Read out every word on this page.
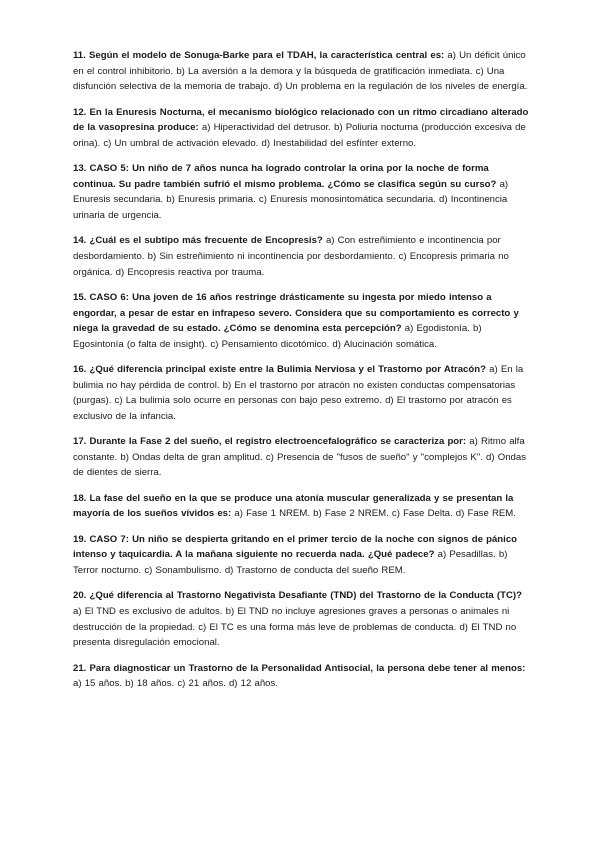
11. Según el modelo de Sonuga-Barke para el TDAH, la característica central es: a) Un déficit único en el control inhibitorio. b) La aversión a la demora y la búsqueda de gratificación inmediata. c) Una disfunción selectiva de la memoria de trabajo. d) Un problema en la regulación de los niveles de energía.

12. En la Enuresis Nocturna, el mecanismo biológico relacionado con un ritmo circadiano alterado de la vasopresina produce: a) Hiperactividad del detrusor. b) Poliuria nocturna (producción excesiva de orina). c) Un umbral de activación elevado. d) Inestabilidad del esfínter externo.

13. CASO 5: Un niño de 7 años nunca ha logrado controlar la orina por la noche de forma continua. Su padre también sufrió el mismo problema. ¿Cómo se clasifica según su curso? a) Enuresis secundaria. b) Enuresis primaria. c) Enuresis monosintomática secundaria. d) Incontinencia urinaria de urgencia.

14. ¿Cuál es el subtipo más frecuente de Encopresis? a) Con estreñimiento e incontinencia por desbordamiento. b) Sin estreñimiento ni incontinencia por desbordamiento. c) Encopresis primaria no orgánica. d) Encopresis reactiva por trauma.

15. CASO 6: Una joven de 16 años restringe drásticamente su ingesta por miedo intenso a engordar, a pesar de estar en infrapeso severo. Considera que su comportamiento es correcto y niega la gravedad de su estado. ¿Cómo se denomina esta percepción? a) Egodistonía. b) Egosintonía (o falta de insight). c) Pensamiento dicotómico. d) Alucinación somática.

16. ¿Qué diferencia principal existe entre la Bulimia Nerviosa y el Trastorno por Atracón? a) En la bulimia no hay pérdida de control. b) En el trastorno por atracón no existen conductas compensatorias (purgas). c) La bulimia solo ocurre en personas con bajo peso extremo. d) El trastorno por atracón es exclusivo de la infancia.

17. Durante la Fase 2 del sueño, el registro electroencefalográfico se caracteriza por: a) Ritmo alfa constante. b) Ondas delta de gran amplitud. c) Presencia de "fusos de sueño" y "complejos K". d) Ondas de dientes de sierra.

18. La fase del sueño en la que se produce una atonía muscular generalizada y se presentan la mayoría de los sueños vívidos es: a) Fase 1 NREM. b) Fase 2 NREM. c) Fase Delta. d) Fase REM.

19. CASO 7: Un niño se despierta gritando en el primer tercio de la noche con signos de pánico intenso y taquicardia. A la mañana siguiente no recuerda nada. ¿Qué padece? a) Pesadillas. b) Terror nocturno. c) Sonambulismo. d) Trastorno de conducta del sueño REM.

20. ¿Qué diferencia al Trastorno Negativista Desafiante (TND) del Trastorno de la Conducta (TC)? a) El TND es exclusivo de adultos. b) El TND no incluye agresiones graves a personas o animales ni destrucción de la propiedad. c) El TC es una forma más leve de problemas de conducta. d) El TND no presenta disregulación emocional.

21. Para diagnosticar un Trastorno de la Personalidad Antisocial, la persona debe tener al menos: a) 15 años. b) 18 años. c) 21 años. d) 12 años.
